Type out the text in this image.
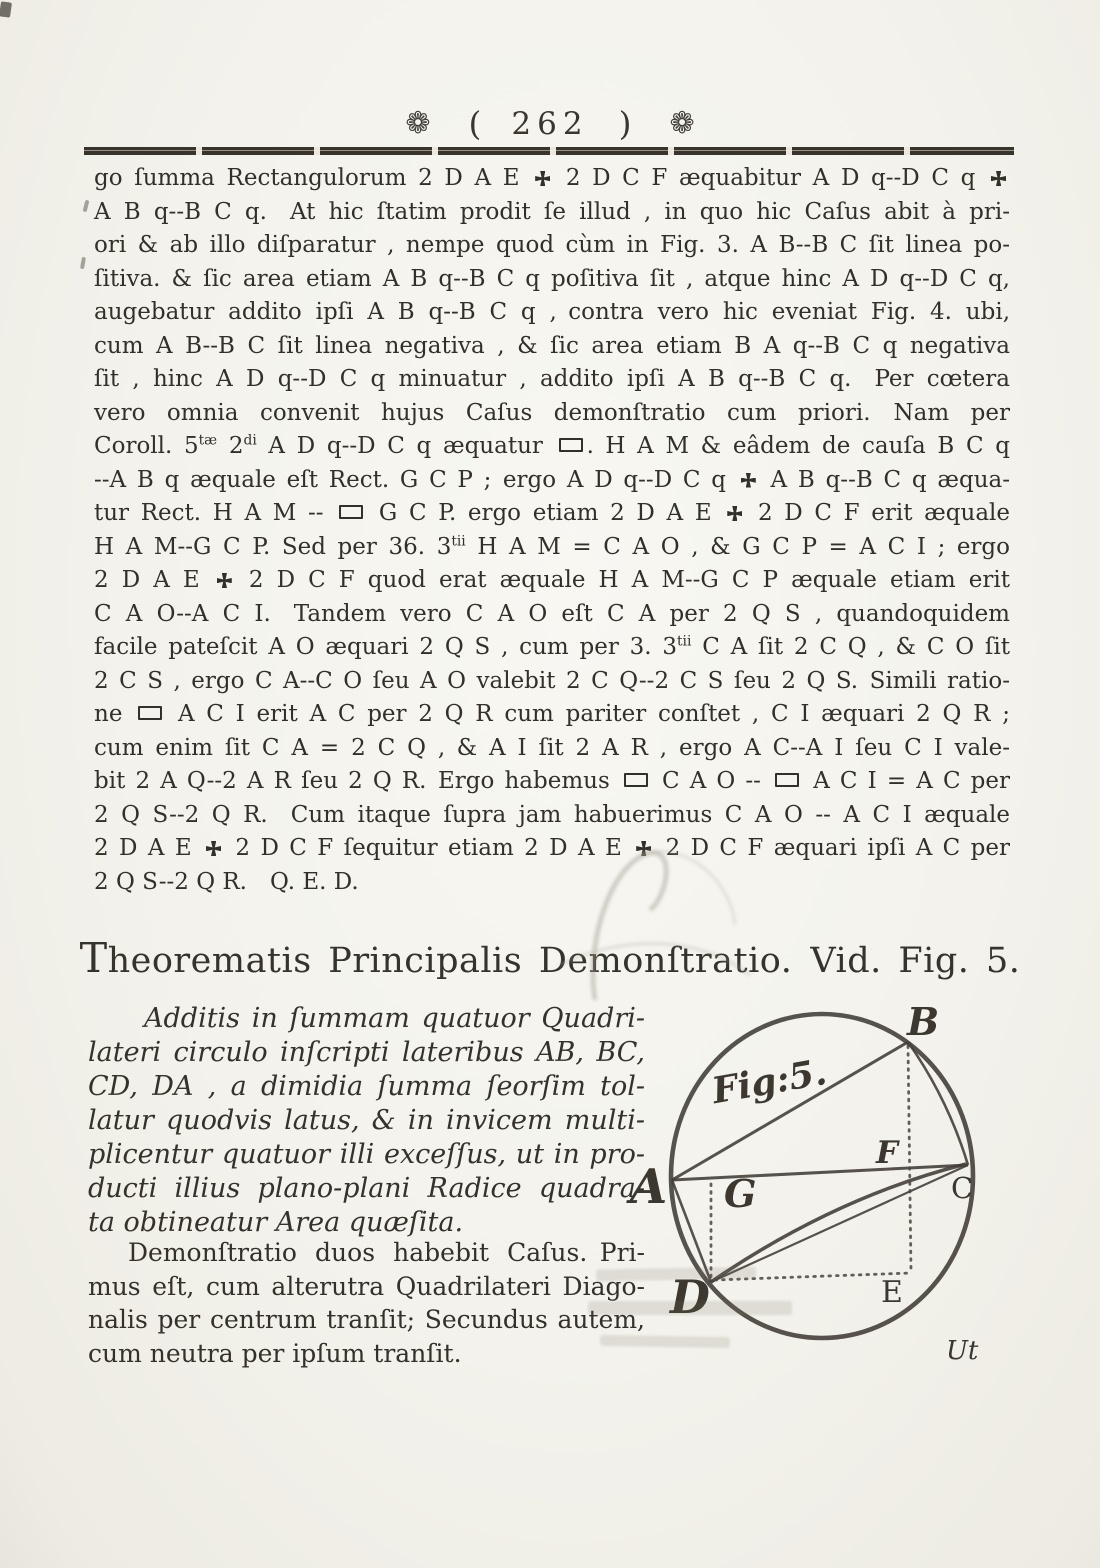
❁ ( 262 ) ❁
go ſumma Rectangulorum 2 D A E  2 D C F æquabitur A D q--D C q
A B q--B C q.  At hic ſtatim prodit ſe illud , in quo hic Caſus abit à pri-
ori & ab illo diſparatur , nempe quod cùm in Fig. 3. A B--B C ſit linea po-
ſitiva. & ſic area etiam A B q--B C q poſitiva ſit , atque hinc A D q--D C q,
augebatur addito ipſi A B q--B C q , contra vero hic eveniat Fig. 4. ubi,
cum A B--B C ſit linea negativa , & ſic area etiam B A q--B C q negativa
ſit , hinc A D q--D C q minuatur , addito ipſi A B q--B C q.  Per cœtera
vero omnia convenit hujus Caſus demonſtratio cum priori.  Nam per
Coroll. $5^{tæ}$ $2^{di}$ A D q--D C q æquatur . H A M & eâdem de cauſa B C q
--A B q æquale eſt Rect. G C P ; ergo A D q--D C q  A B q--B C q æqua-
tur Rect. H A M --  G C P. ergo etiam 2 D A E  2 D C F erit æquale
H A M--G C P. Sed per 36. $3^{tii}$ H A M = C A O , & G C P = A C I ; ergo
2 D A E  2 D C F quod erat æquale H A M--G C P æquale etiam erit
C A O--A C I.  Tandem vero C A O eſt C A per 2 Q S , quandoquidem
facile pateſcit A O æquari 2 Q S , cum per 3. $3^{tii}$ C A ſit 2 C Q , & C O ſit
2 C S , ergo C A--C O ſeu A O valebit 2 C Q--2 C S ſeu 2 Q S. Simili ratio-
ne  A C I erit A C per 2 Q R cum pariter conſtet , C I æquari 2 Q R ;
cum enim ſit C A = 2 C Q , & A I ſit 2 A R , ergo A C--A I ſeu C I vale-
bit 2 A Q--2 A R ſeu 2 Q R. Ergo habemus  C A O --  A C I = A C per
2 Q S--2 Q R.  Cum itaque ſupra jam habuerimus C A O -- A C I æquale
2 D A E  2 D C F ſequitur etiam 2 D A E  2 D C F æquari ipſi A C per
2 Q S--2 Q R.  Q. E. D.
Theorematis Principalis Demonſtratio. Vid. Fig. 5.
Additis in ſummam quatuor Quadri-
lateri circulo inſcripti lateribus AB, BC,
CD, DA , a dimidia ſumma ſeorſim tol-
latur quodvis latus, & in invicem multi-
plicentur quatuor illi exceſſus, ut in pro-
ducti illius plano-plani Radice quadra-
ta obtineatur Area quæſita.
Demonſtratio duos habebit Caſus. Pri-
mus eſt, cum alterutra Quadrilateri Diago-
nalis per centrum tranſit; Secundus autem,
cum neutra per ipſum tranſit.
Fig:5.
A
B
C
D	E
F
G
Ut
